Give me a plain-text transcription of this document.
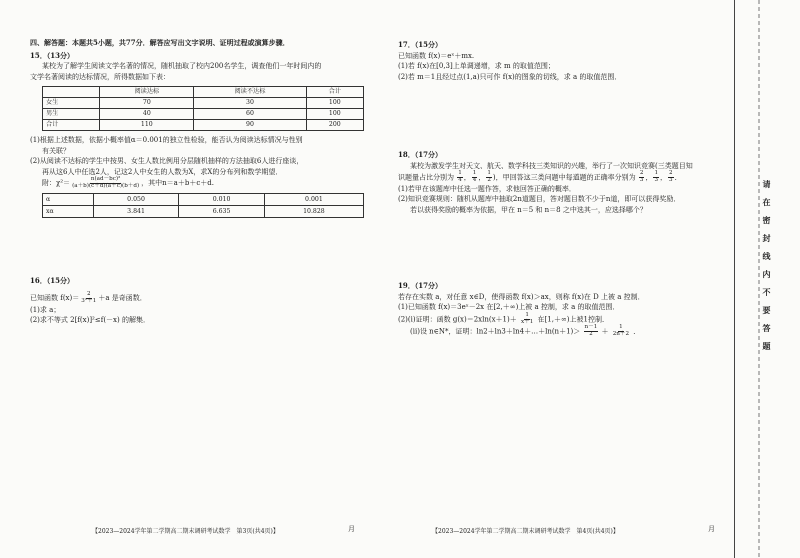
四、解答题：本题共5小题，共77分．解答应写出文字说明、证明过程或演算步骤．

15．（13分）

某校为了解学生阅读文学名著的情况，随机抽取了校内200名学生，调查他们一年时间内的

文学名著阅读的达标情况，所得数据如下表：

	阅读达标	阅读不达标	合计
女生	70	30	100
男生	40	60	100
合计	110	90	200

(1)根据上述数据，依据小概率值α＝0.001的独立性检验，能否认为阅读达标情况与性别

有关联？

(2)从阅读不达标的学生中按男、女生人数比例用分层随机抽样的方法抽取6人进行座谈，

再从这6人中任选2人，记这2人中女生的人数为X，求X的分布列和数学期望．

附：$\chi^2= \frac{\text{n(ad－bc)²}}{(a+b)(c+d)(a+c)(b+d)}$ ，其中n＝a＋b＋c＋d.

α	0.050	0.010	0.001
xα	3.841	6.635	10.828

16．（15分）

已知函数 $f(x)= \frac{2}{\text{3ˣ＋1}} +a$ 是奇函数．

(1)求 a；

(2)求不等式 2[f(x)]²≤f(－x) 的解集．

17．（15分）

已知函数 f(x)＝eˣ＋mx.

(1)若 f(x)在[0,3]上单调递增，求 m 的取值范围；

(2)若 m＝1且经过点(1,a)只可作 f(x)的图象的切线，求 a 的取值范围．

18．（17分）

某校为激发学生对天文、航天、数学科技三类知识的兴趣，举行了一次知识竞赛(三类题目知

识题量占比分别为 $\frac{1}{4}$ ， $\frac{1}{4}$ ， $\frac{1}{2}$ )，甲回答这三类问题中每道题的正确率分别为 $\frac{2}{3}$ ， $\frac{1}{3}$ ， $\frac{2}{3}$ ．

(1)若甲在该题库中任选一题作答，求他回答正确的概率．

(2)知识竞赛规则：随机从题库中抽取2n道题目，答对题目数不少于n道，即可以获得奖励．

若以获得奖励的概率为依据，甲在 n＝5 和 n＝8 之中选其一，应选择哪个？

19．（17分）

若存在实数 a，对任意 x∈D，使得函数 f(x)＞ax，则称 f(x)在 D 上被 a 控制．

(1)已知函数 f(x)＝3eˣ－2x 在[2,＋∞)上被 a 控制，求 a 的取值范围．

(2)(i)证明：函数 $g(x)=2xln(x+1)+ \frac{1}{x+1}$ 在[1,＋∞)上被1控制．

(ii)设 n∈N*，证明：ln2＋ln3＋ln4＋…＋ln(n＋1)＞ $\frac{n-1}{2} + \frac{1}{2n+2}$ ．

【2023—2024学年第二学期高二期末调研考试数学　第3页(共4页)】	月	【2023—2024学年第二学期高二期末调研考试数学　第4页(共4页)】	月
请在密封线内不要答题
